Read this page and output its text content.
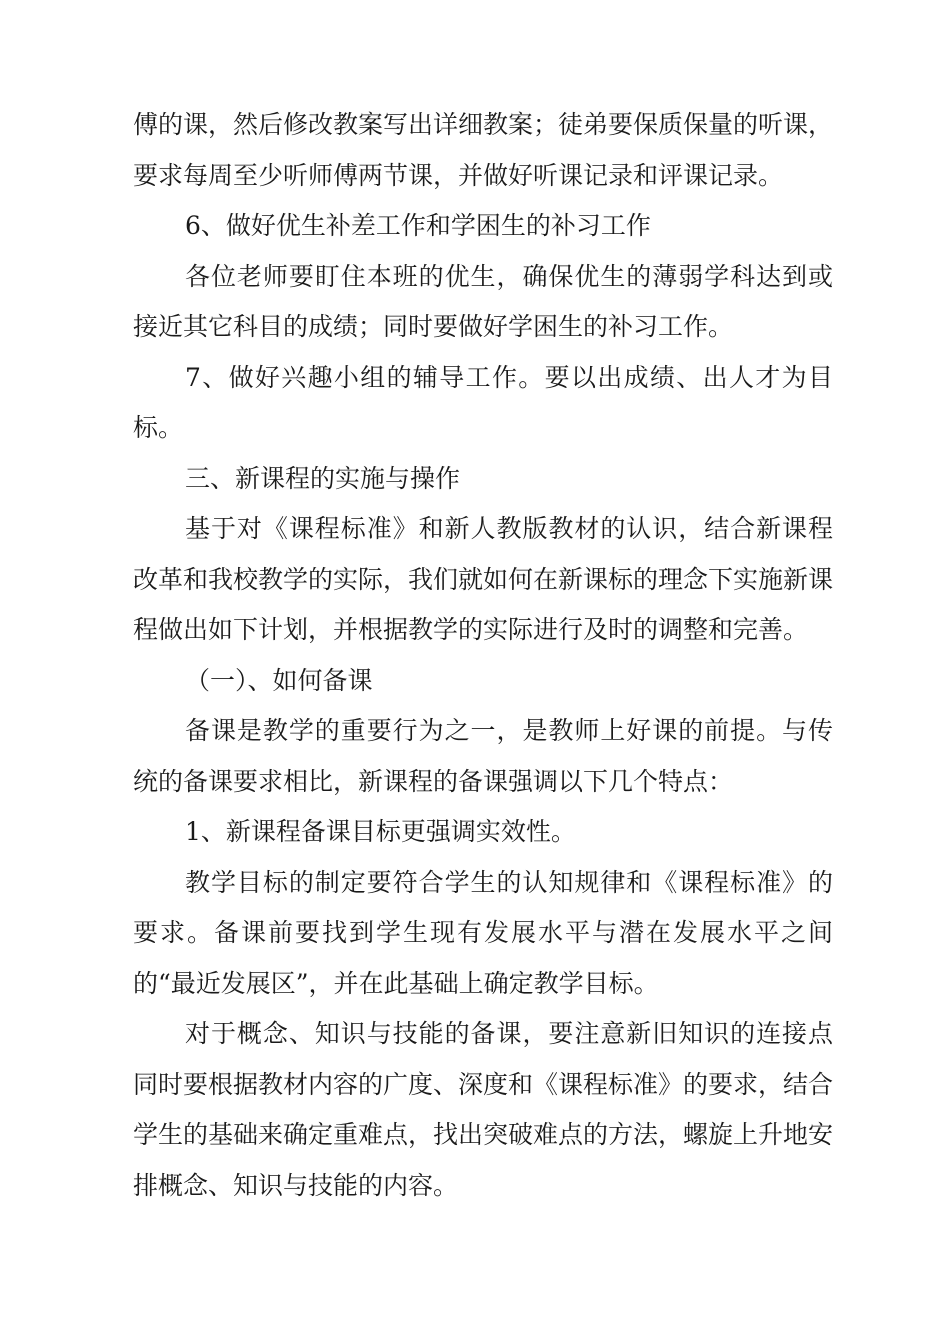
傅的课，然后修改教案写出详细教案；徒弟要保质保量的听课，要求每周至少听师傅两节课，并做好听课记录和评课记录。

6、做好优生补差工作和学困生的补习工作

各位老师要盯住本班的优生，确保优生的薄弱学科达到或接近其它科目的成绩；同时要做好学困生的补习工作。

7、做好兴趣小组的辅导工作。要以出成绩、出人才为目标。

三、新课程的实施与操作

基于对《课程标准》和新人教版教材的认识，结合新课程改革和我校教学的实际，我们就如何在新课标的理念下实施新课程做出如下计划，并根据教学的实际进行及时的调整和完善。

（一）、如何备课

备课是教学的重要行为之一，是教师上好课的前提。与传统的备课要求相比，新课程的备课强调以下几个特点：

1、新课程备课目标更强调实效性。

教学目标的制定要符合学生的认知规律和《课程标准》的要求。备课前要找到学生现有发展水平与潜在发展水平之间的“最近发展区”，并在此基础上确定教学目标。

对于概念、知识与技能的备课，要注意新旧知识的连接点同时要根据教材内容的广度、深度和《课程标准》的要求，结合学生的基础来确定重难点，找出突破难点的方法，螺旋上升地安排概念、知识与技能的内容。
